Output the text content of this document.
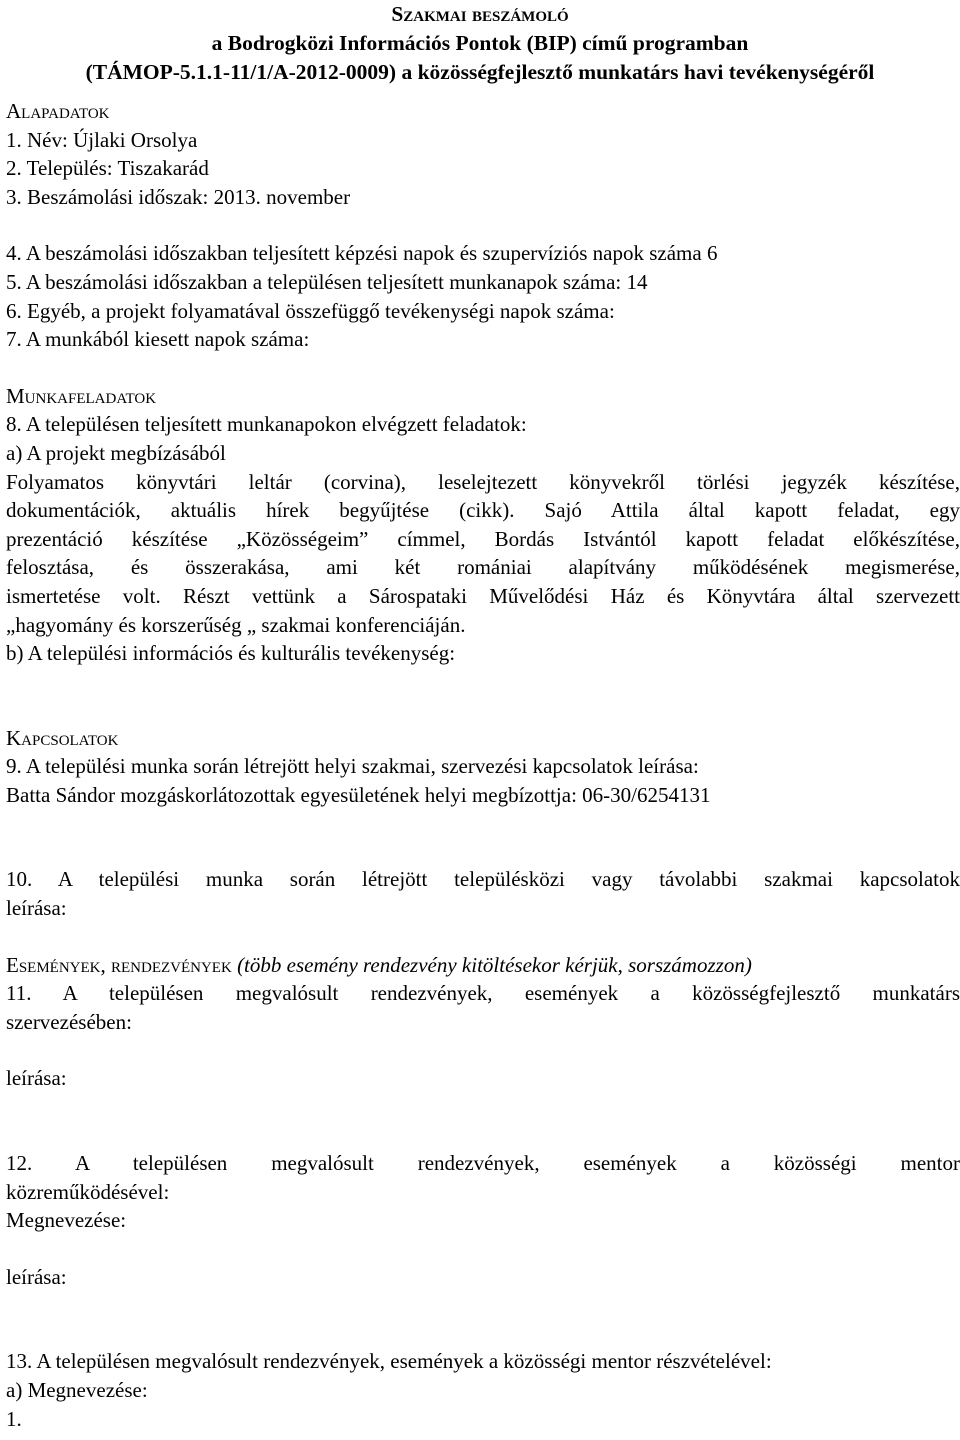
Szakmai beszámoló
a Bodrogközi Információs Pontok (BIP) című programban
(TÁMOP-5.1.1-11/1/A-2012-0009) a közösségfejlesztő munkatárs havi tevékenységéről

Alapadatok

1. Név: Újlaki Orsolya

2. Település: Tiszakarád

3. Beszámolási időszak: 2013. november

4. A beszámolási időszakban teljesített képzési napok és szupervíziós napok száma 6

5. A beszámolási időszakban a településen teljesített munkanapok száma: 14

6. Egyéb, a projekt folyamatával összefüggő tevékenységi napok száma:

7. A munkából kiesett napok száma:

Munkafeladatok

8. A településen teljesített munkanapokon elvégzett feladatok:

a) A projekt megbízásából

Folyamatos könyvtári leltár (corvina), leselejtezett könyvekről törlési jegyzék készítése,

dokumentációk, aktuális hírek begyűjtése (cikk). Sajó Attila által kapott feladat, egy

prezentáció készítése „Közösségeim” címmel, Bordás Istvántól kapott feladat előkészítése,

felosztása, és összerakása, ami két romániai alapítvány működésének megismerése,

ismertetése volt. Részt vettünk a Sárospataki Művelődési Ház és Könyvtára által szervezett

„hagyomány és korszerűség „ szakmai konferenciáján.

b) A települési információs és kulturális tevékenység:

Kapcsolatok

9. A települési munka során létrejött helyi szakmai, szervezési kapcsolatok leírása:

Batta Sándor mozgáskorlátozottak egyesületének helyi megbízottja: 06-30/6254131

10. A települési munka során létrejött településközi vagy távolabbi szakmai kapcsolatok

leírása:

Események, rendezvények (több esemény rendezvény kitöltésekor kérjük, sorszámozzon)

11. A településen megvalósult rendezvények, események a közösségfejlesztő munkatárs

szervezésében:

leírása:

12. A településen megvalósult rendezvények, események a közösségi mentor

közreműködésével:

Megnevezése:

leírása:

13. A településen megvalósult rendezvények, események a közösségi mentor részvételével:

a) Megnevezése:

1.
